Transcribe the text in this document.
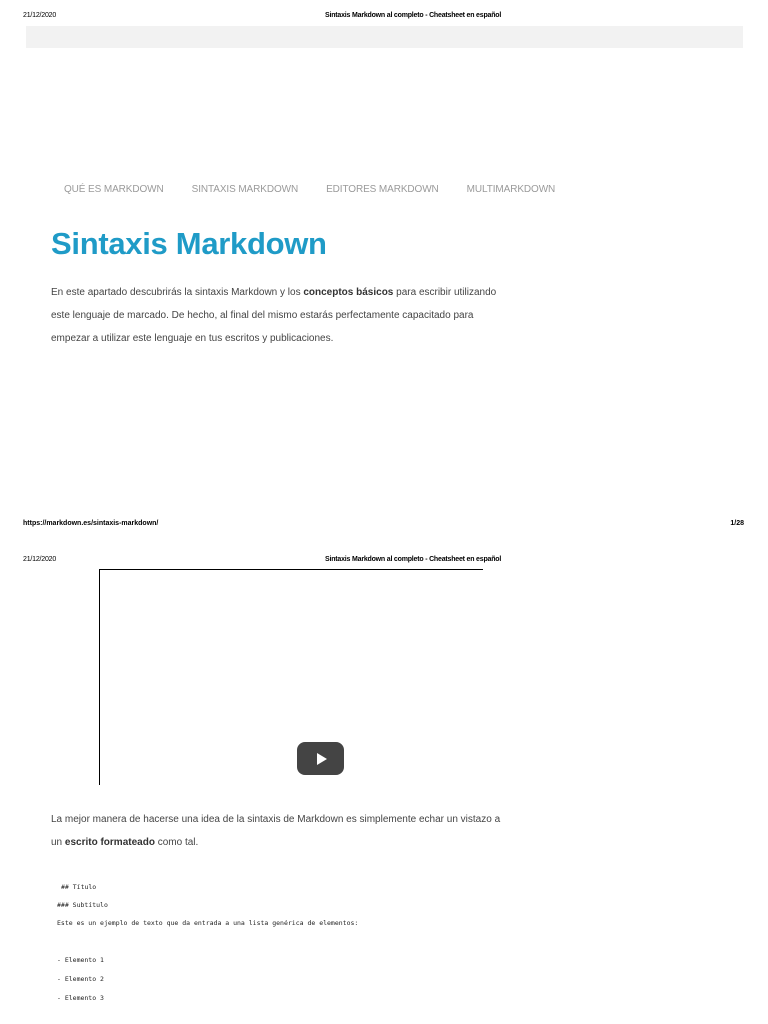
21/12/2020	Sintaxis Markdown al completo - Cheatsheet en español
QUÉ ES MARKDOWN	SINTAXIS MARKDOWN	EDITORES MARKDOWN	MULTIMARKDOWN
Sintaxis Markdown
En este apartado descubrirás la sintaxis Markdown y los conceptos básicos para escribir utilizando este lenguaje de marcado. De hecho, al final del mismo estarás perfectamente capacitado para empezar a utilizar este lenguaje en tus escritos y publicaciones.
https://markdown.es/sintaxis-markdown/	1/28
21/12/2020	Sintaxis Markdown al completo - Cheatsheet en español
La mejor manera de hacerse una idea de la sintaxis de Markdown es simplemente echar un vistazo a un escrito formateado como tal.
## Título
### Subtítulo
Este es un ejemplo de texto que da entrada a una lista genérica de elementos:
- Elemento 1
- Elemento 2
- Elemento 3
